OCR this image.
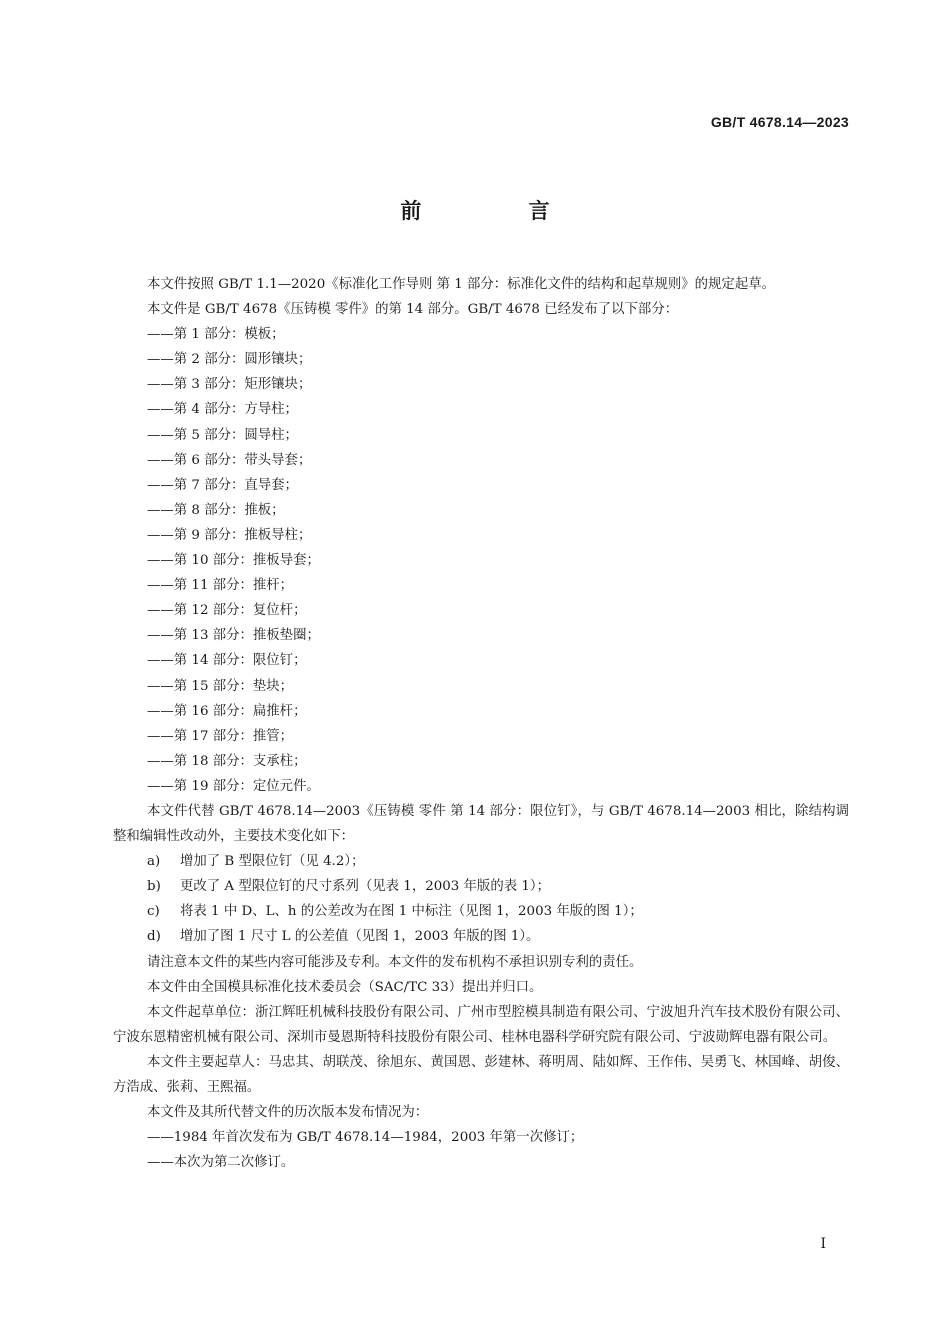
GB/T 4678.14—2023
前 言

本文件按照 GB/T 1.1—2020《标准化工作导则 第 1 部分：标准化文件的结构和起草规则》的规定起草。

本文件是 GB/T 4678《压铸模 零件》的第 14 部分。GB/T 4678 已经发布了以下部分：

——第 1 部分：模板；

——第 2 部分：圆形镶块；

——第 3 部分：矩形镶块；

——第 4 部分：方导柱；

——第 5 部分：圆导柱；

——第 6 部分：带头导套；

——第 7 部分：直导套；

——第 8 部分：推板；

——第 9 部分：推板导柱；

——第 10 部分：推板导套；

——第 11 部分：推杆；

——第 12 部分：复位杆；

——第 13 部分：推板垫圈；

——第 14 部分：限位钉；

——第 15 部分：垫块；

——第 16 部分：扁推杆；

——第 17 部分：推管；

——第 18 部分：支承柱；

——第 19 部分：定位元件。

本文件代替 GB/T 4678.14—2003《压铸模 零件 第 14 部分：限位钉》，与 GB/T 4678.14—2003 相比，除结构调整和编辑性改动外，主要技术变化如下：

a) 增加了 B 型限位钉（见 4.2）；

b) 更改了 A 型限位钉的尺寸系列（见表 1，2003 年版的表 1）；

c) 将表 1 中 D、L、h 的公差改为在图 1 中标注（见图 1，2003 年版的图 1）；

d) 增加了图 1 尺寸 L 的公差值（见图 1，2003 年版的图 1）。

请注意本文件的某些内容可能涉及专利。本文件的发布机构不承担识别专利的责任。

本文件由全国模具标准化技术委员会（SAC/TC 33）提出并归口。

本文件起草单位：浙江辉旺机械科技股份有限公司、广州市型腔模具制造有限公司、宁波旭升汽车技术股份有限公司、宁波东恩精密机械有限公司、深圳市曼恩斯特科技股份有限公司、桂林电器科学研究院有限公司、宁波勋辉电器有限公司。

本文件主要起草人：马忠其、胡联茂、徐旭东、黄国恩、彭建林、蒋明周、陆如辉、王作伟、吴勇飞、林国峰、胡俊、方浩成、张莉、王熙福。

本文件及其所代替文件的历次版本发布情况为：

——1984 年首次发布为 GB/T 4678.14—1984，2003 年第一次修订；

——本次为第二次修订。

I
